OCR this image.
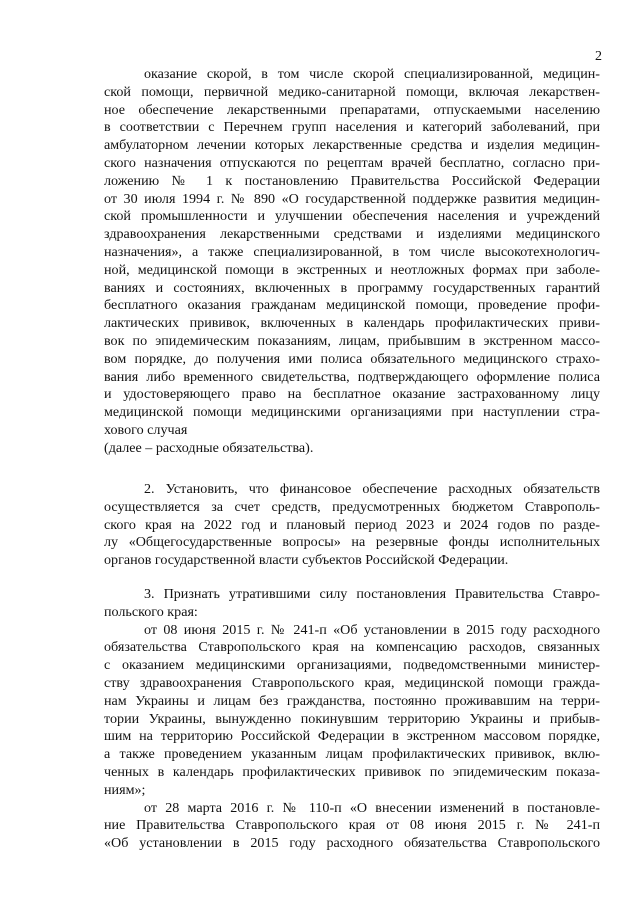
2
оказание скорой, в том числе скорой специализированной, медицин-
ской помощи, первичной медико-санитарной помощи, включая лекарствен-
ное обеспечение лекарственными препаратами, отпускаемыми населению
в соответствии с Перечнем групп населения и категорий заболеваний, при
амбулаторном лечении которых лекарственные средства и изделия медицин-
ского назначения отпускаются по рецептам врачей бесплатно, согласно при-
ложению № 1 к постановлению Правительства Российской Федерации
от 30 июля 1994 г. № 890 «О государственной поддержке развития медицин-
ской промышленности и улучшении обеспечения населения и учреждений
здравоохранения лекарственными средствами и изделиями медицинского
назначения», а также специализированной, в том числе высокотехнологич-
ной, медицинской помощи в экстренных и неотложных формах при заболе-
ваниях и состояниях, включенных в программу государственных гарантий
бесплатного оказания гражданам медицинской помощи, проведение профи-
лактических прививок, включенных в календарь профилактических приви-
вок по эпидемическим показаниям, лицам, прибывшим в экстренном массо-
вом порядке, до получения ими полиса обязательного медицинского страхо-
вания либо временного свидетельства, подтверждающего оформление полиса
и удостоверяющего право на бесплатное оказание застрахованному лицу
медицинской помощи медицинскими организациями при наступлении стра-
хового случая
(далее – расходные обязательства).
2. Установить, что финансовое обеспечение расходных обязательств
осуществляется за счет средств, предусмотренных бюджетом Ставрополь-
ского края на 2022 год и плановый период 2023 и 2024 годов по разде-
лу «Общегосударственные вопросы» на резервные фонды исполнительных
органов государственной власти субъектов Российской Федерации.
3. Признать утратившими силу постановления Правительства Ставро-
польского края:
от 08 июня 2015 г. № 241-п «Об установлении в 2015 году расходного
обязательства Ставропольского края на компенсацию расходов, связанных
с оказанием медицинскими организациями, подведомственными министер-
ству здравоохранения Ставропольского края, медицинской помощи гражда-
нам Украины и лицам без гражданства, постоянно проживавшим на терри-
тории Украины, вынужденно покинувшим территорию Украины и прибыв-
шим на территорию Российской Федерации в экстренном массовом порядке,
а также проведением указанным лицам профилактических прививок, вклю-
ченных в календарь профилактических прививок по эпидемическим показа-
ниям»;
от 28 марта 2016 г. № 110-п «О внесении изменений в постановле-
ние Правительства Ставропольского края от 08 июня 2015 г. № 241-п
«Об установлении в 2015 году расходного обязательства Ставропольского
